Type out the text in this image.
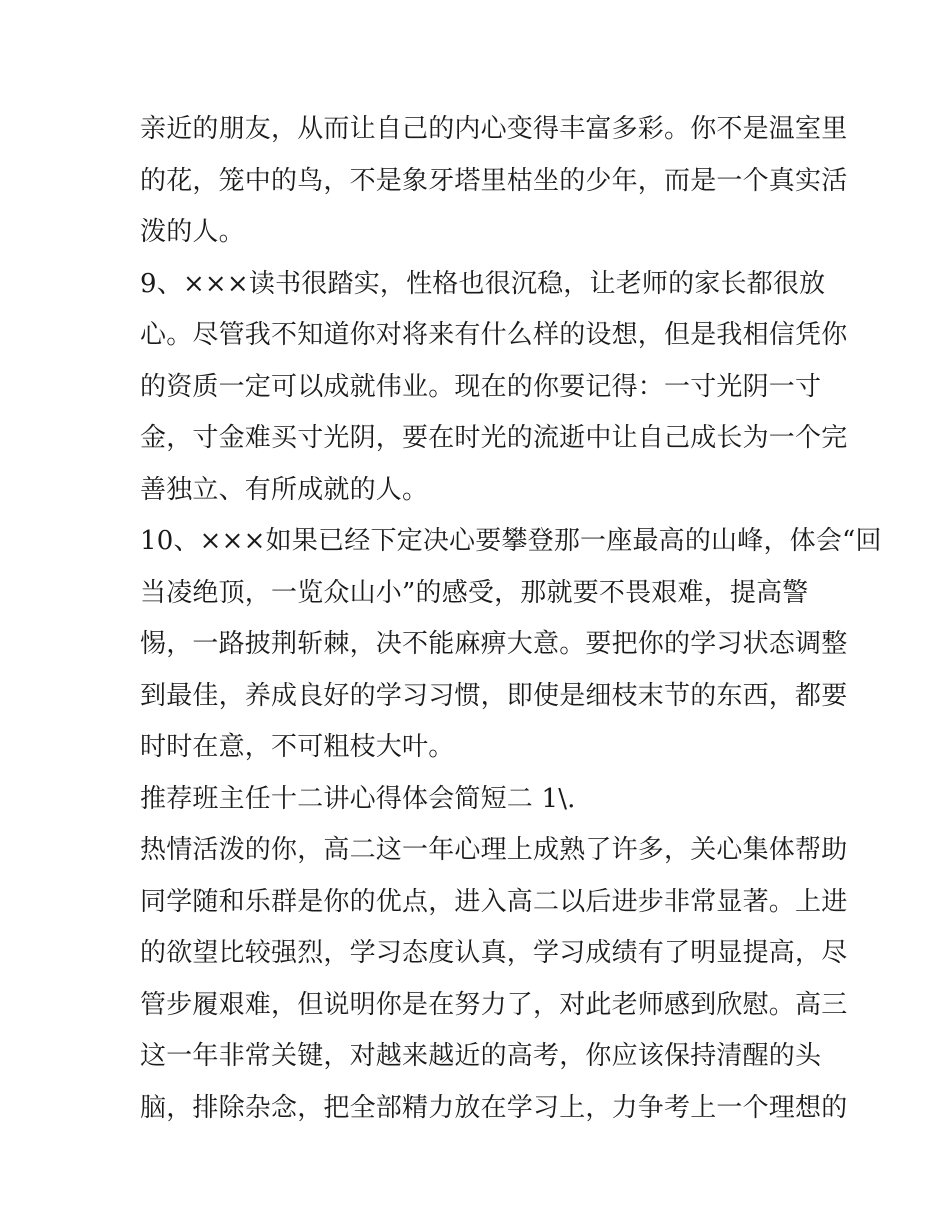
亲近的朋友，从而让自己的内心变得丰富多彩。你不是温室里
的花，笼中的鸟，不是象牙塔里枯坐的少年，而是一个真实活
泼的人。
9、×××读书很踏实，性格也很沉稳，让老师的家长都很放
心。尽管我不知道你对将来有什么样的设想，但是我相信凭你
的资质一定可以成就伟业。现在的你要记得：一寸光阴一寸
金，寸金难买寸光阴，要在时光的流逝中让自己成长为一个完
善独立、有所成就的人。
10、×××如果已经下定决心要攀登那一座最高的山峰，体会“回
当凌绝顶，一览众山小”的感受，那就要不畏艰难，提高警
惕，一路披荆斩棘，决不能麻痹大意。要把你的学习状态调整
到最佳，养成良好的学习习惯，即使是细枝末节的东西，都要
时时在意，不可粗枝大叶。
推荐班主任十二讲心得体会简短二 1\.
热情活泼的你，高二这一年心理上成熟了许多，关心集体帮助
同学随和乐群是你的优点，进入高二以后进步非常显著。上进
的欲望比较强烈，学习态度认真，学习成绩有了明显提高，尽
管步履艰难，但说明你是在努力了，对此老师感到欣慰。高三
这一年非常关键，对越来越近的高考，你应该保持清醒的头
脑，排除杂念，把全部精力放在学习上，力争考上一个理想的
